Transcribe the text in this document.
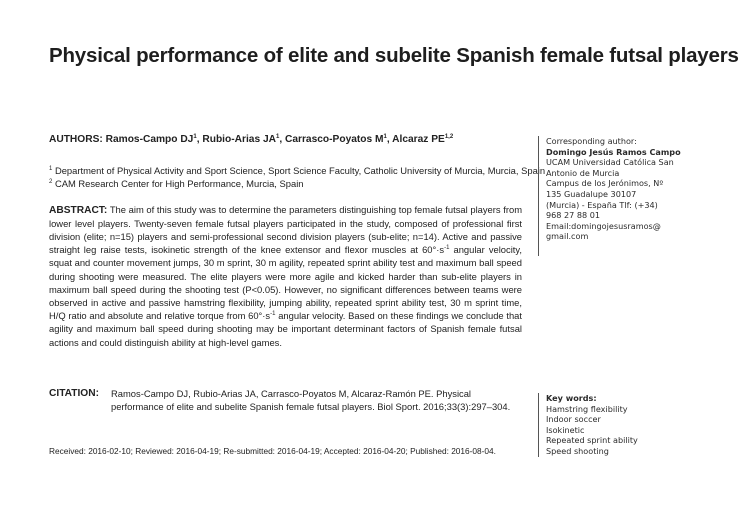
Physical performance of elite and subelite Spanish female futsal players

AUTHORS: Ramos-Campo $DJ^1$, Rubio-Arias $JA^1$, Carrasco-Poyatos $M^1$, Alcaraz PE$^{1,2}$

$^1$ Department of Physical Activity and Sport Science, Sport Science Faculty, Catholic University of Murcia, Murcia, Spain

$^2$ CAM Research Center for High Performance, Murcia, Spain

ABSTRACT: The aim of this study was to determine the parameters distinguishing top female futsal players from lower level players. Twenty-seven female futsal players participated in the study, composed of professional first division (elite; n=15) players and semi-professional second division players (sub-elite; n=14). Active and passive straight leg raise tests, isokinetic strength of the knee extensor and flexor muscles at $60^\circ\cdot s^{-1}$ angular velocity, squat and counter movement jumps, 30 m sprint, 30 m agility, repeated sprint ability test and maximum ball speed during shooting were measured. The elite players were more agile and kicked harder than sub-elite players in maximum ball speed during the shooting test (P<0.05). However, no significant differences between teams were observed in active and passive hamstring flexibility, jumping ability, repeated sprint ability test, 30 m sprint time, H/Q ratio and absolute and relative torque from $60^\circ\cdot s^{-1}$ angular velocity. Based on these findings we conclude that agility and maximum ball speed during shooting may be important determinant factors of Spanish female futsal actions and could distinguish ability at high-level games.

CITATION:	Ramos-Campo DJ, Rubio-Arias JA, Carrasco-Poyatos M, Alcaraz-Ramón PE. Physical performance of elite and subelite Spanish female futsal players. Biol Sport. 2016;33(3):297–304.
Received: 2016-02-10; Reviewed: 2016-04-19; Re-submitted: 2016-04-19; Accepted: 2016-04-20; Published: 2016-08-04.

Corresponding author:

Domingo Jesús Ramos Campo

UCAM Universidad Católica San

Antonio de Murcia

Campus de los Jerónimos, Nº

135 Guadalupe 30107

(Murcia) - España Tlf: (+34)

968 27 88 01

Email:domingojesusramos@

gmail.com

Key words:

Hamstring flexibility

Indoor soccer

Isokinetic

Repeated sprint ability

Speed shooting
